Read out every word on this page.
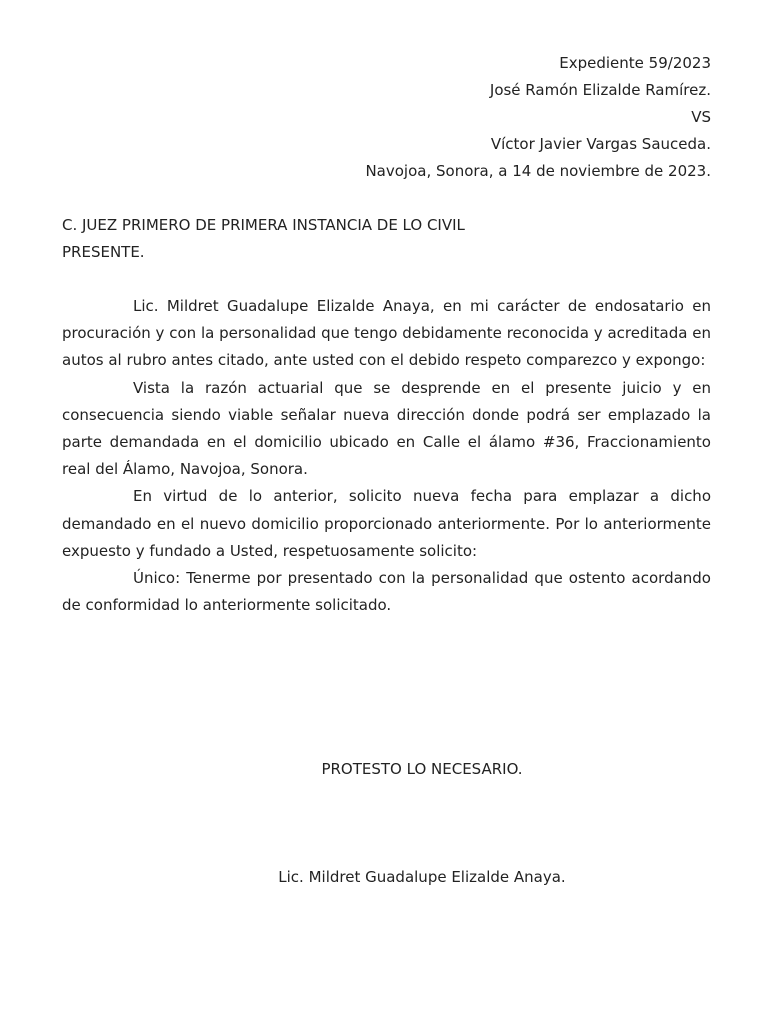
Expediente 59/2023
José Ramón Elizalde Ramírez.
VS
Víctor Javier Vargas Sauceda.
Navojoa, Sonora, a 14 de noviembre de 2023.
C. JUEZ PRIMERO DE PRIMERA INSTANCIA DE LO CIVIL
PRESENTE.

Lic. Mildret Guadalupe Elizalde Anaya, en mi carácter de endosatario en procuración y con la personalidad que tengo debidamente reconocida y acreditada en autos al rubro antes citado, ante usted con el debido respeto comparezco y expongo:

Vista la razón actuarial que se desprende en el presente juicio y en consecuencia siendo viable señalar nueva dirección donde podrá ser emplazado la parte demandada en el domicilio ubicado en Calle el álamo #36, Fraccionamiento real del Álamo, Navojoa, Sonora.

En virtud de lo anterior, solicito nueva fecha para emplazar a dicho demandado en el nuevo domicilio proporcionado anteriormente. Por lo anteriormente expuesto y fundado a Usted, respetuosamente solicito:

Único: Tenerme por presentado con la personalidad que ostento acordando de conformidad lo anteriormente solicitado.

PROTESTO LO NECESARIO.
Lic. Mildret Guadalupe Elizalde Anaya.
